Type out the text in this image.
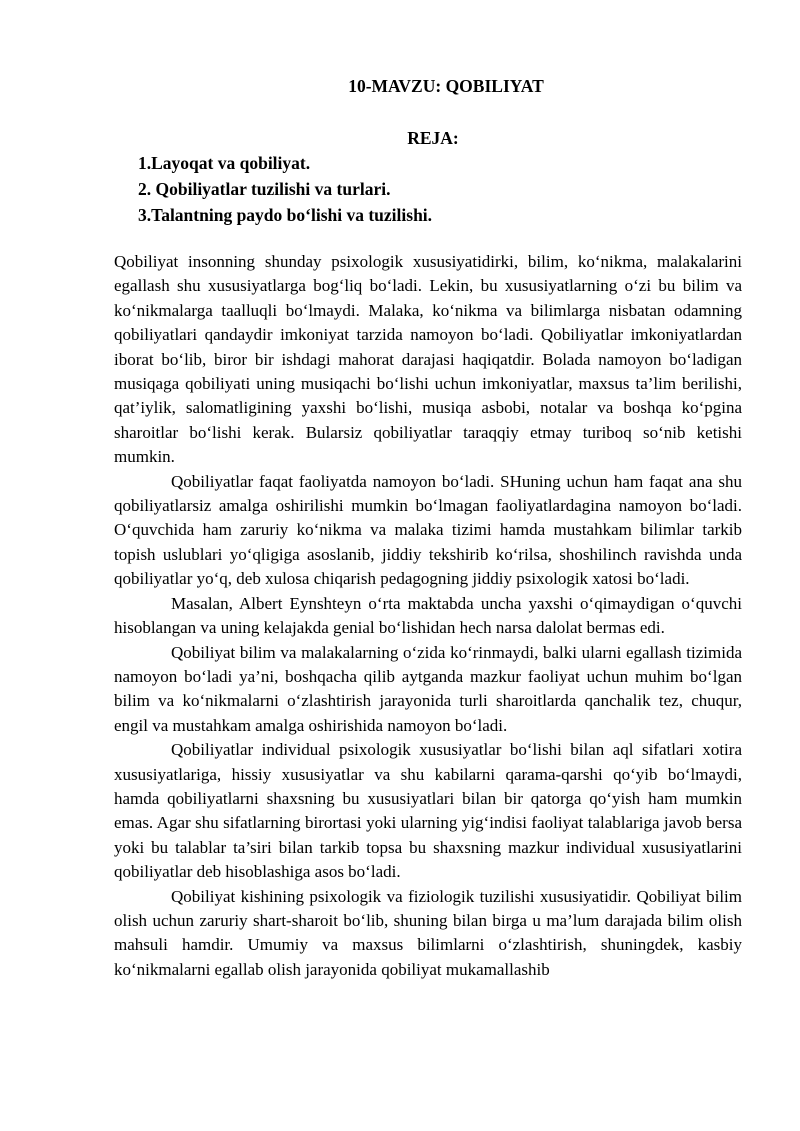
10-MAVZU: QOBILIYAT
REJA:
1.Layoqat va qobiliyat.
2. Qobiliyatlar tuzilishi va turlari.
3.Talantning paydo bo‘lishi va tuzilishi.

Qobiliyat insonning shunday psixologik xususiyatidirki, bilim, ko‘nikma, malakalarini egallash shu xususiyatlarga bog‘liq bo‘ladi. Lekin, bu xususiyatlarning o‘zi bu bilim va ko‘nikmalarga taalluqli bo‘lmaydi. Malaka, ko‘nikma va bilimlarga nisbatan odamning qobiliyatlari qandaydir imkoniyat tarzida namoyon bo‘ladi. Qobiliyatlar imkoniyatlardan iborat bo‘lib, biror bir ishdagi mahorat darajasi haqiqatdir. Bolada namoyon bo‘ladigan musiqaga qobiliyati uning musiqachi bo‘lishi uchun imkoniyatlar, maxsus ta’lim berilishi, qat’iylik, salomatligining yaxshi bo‘lishi, musiqa asbobi, notalar va boshqa ko‘pgina sharoitlar bo‘lishi kerak. Bularsiz qobiliyatlar taraqqiy etmay turiboq so‘nib ketishi mumkin.

Qobiliyatlar faqat faoliyatda namoyon bo‘ladi. SHuning uchun ham faqat ana shu qobiliyatlarsiz amalga oshirilishi mumkin bo‘lmagan faoliyatlardagina namoyon bo‘ladi. O‘quvchida ham zaruriy ko‘nikma va malaka tizimi hamda mustahkam bilimlar tarkib topish uslublari yo‘qligiga asoslanib, jiddiy tekshirib ko‘rilsa, shoshilinch ravishda unda qobiliyatlar yo‘q, deb xulosa chiqarish pedagogning jiddiy psixologik xatosi bo‘ladi.

Masalan, Albert Eynshteyn o‘rta maktabda uncha yaxshi o‘qimaydigan o‘quvchi hisoblangan va uning kelajakda genial bo‘lishidan hech narsa dalolat bermas edi.

Qobiliyat bilim va malakalarning o‘zida ko‘rinmaydi, balki ularni egallash tizimida namoyon bo‘ladi ya’ni, boshqacha qilib aytganda mazkur faoliyat uchun muhim bo‘lgan bilim va ko‘nikmalarni o‘zlashtirish jarayonida turli sharoitlarda qanchalik tez, chuqur, engil va mustahkam amalga oshirishida namoyon bo‘ladi.

Qobiliyatlar individual psixologik xususiyatlar bo‘lishi bilan aql sifatlari xotira xususiyatlariga, hissiy xususiyatlar va shu kabilarni qarama-qarshi qo‘yib bo‘lmaydi, hamda qobiliyatlarni shaxsning bu xususiyatlari bilan bir qatorga qo‘yish ham mumkin emas. Agar shu sifatlarning birortasi yoki ularning yig‘indisi faoliyat talablariga javob bersa yoki bu talablar ta’siri bilan tarkib topsa bu shaxsning mazkur individual xususiyatlarini qobiliyatlar deb hisoblashiga asos bo‘ladi.

Qobiliyat kishining psixologik va fiziologik tuzilishi xususiyatidir. Qobiliyat bilim olish uchun zaruriy shart-sharoit bo‘lib, shuning bilan birga u ma’lum darajada bilim olish mahsuli hamdir. Umumiy va maxsus bilimlarni o‘zlashtirish, shuningdek, kasbiy ko‘nikmalarni egallab olish jarayonida qobiliyat mukamallashib
